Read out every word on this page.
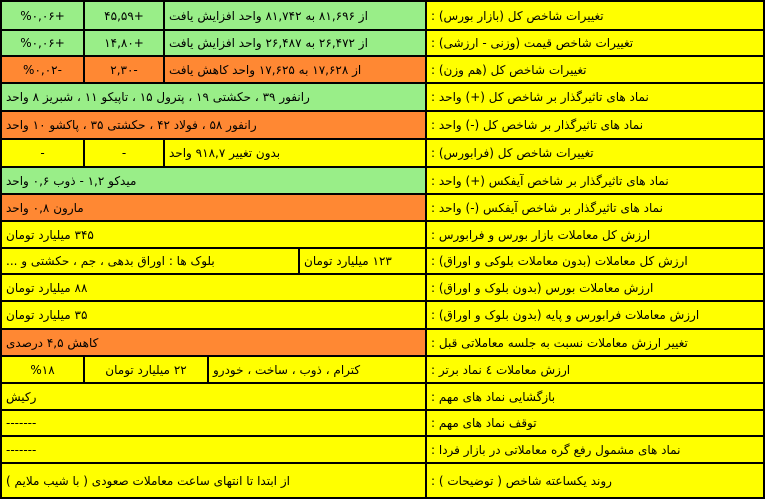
تغییرات شاخص کل (بازار بورس) :
از ۸۱,۶۹۶ به ۸۱,۷۴۲ واحد افزایش یافت
+۴۵,۵۹
+%۰,۰۶
تغییرات شاخص قیمت (وزنی - ارزشی) :
از ۲۶,۴۷۲ به ۲۶,۴۸۷ واحد افزایش یافت
+۱۴,۸۰
+%۰,۰۶
تغییرات شاخص کل (هم وزن) :
از ۱۷,۶۲۸ به ۱۷,۶۲۵ واحد کاهش یافت
-۲,۳۰
-%۰,۰۲
نماد های تاثیرگذار بر شاخص کل (+) واحد :
رانفور ۳۹ ، حکشتی ۱۹ ، پترول ۱۵ ، تاپیکو ۱۱ ، شبریز ۸ واحد
نماد های تاثیرگذار بر شاخص کل (-) واحد :
رانفور ۵۸ ، فولاد ۴۲ ، حکشتی ۳۵ ، پاکشو ۱۰ واحد
تغییرات شاخص کل (فرابورس) :
بدون تغییر ۹۱۸,۷ واحد
-
-
نماد های تاثیرگذار بر شاخص آیفکس (+) واحد :
میدکو ۱,۲ - ذوب ۰,۶ واحد
نماد های تاثیرگذار بر شاخص آیفکس (-) واحد :
مارون ۰,۸ واحد
ارزش کل معاملات بازار بورس و فرابورس :
۳۴۵ میلیارد تومان
ارزش کل معاملات (بدون معاملات بلوکی و اوراق) :
۱۲۳ میلیارد تومان
بلوک ها : اوراق بدهی ، جم ، حکشتی و ...
ارزش معاملات بورس (بدون بلوک و اوراق) :
۸۸ میلیارد تومان
ارزش معاملات فرابورس و پایه (بدون بلوک و اوراق) :
۳۵ میلیارد تومان
تغییر ارزش معاملات نسبت به جلسه معاملاتی قبل :
کاهش ۴,۵ درصدی
ارزش معاملات ٤ نماد برتر :
کترام ، ذوب ، ساخت ، خودرو
۲۲ میلیارد تومان
%۱۸
بازگشایی نماد های مهم :
رکیش
توقف نماد های مهم :
-------
نماد های مشمول رفع گره معاملاتی در بازار فردا :
-------
روند یکساعته شاخص ( توضیحات ) :
از ابتدا تا انتهای ساعت معاملات صعودی ( با شیب ملایم )
